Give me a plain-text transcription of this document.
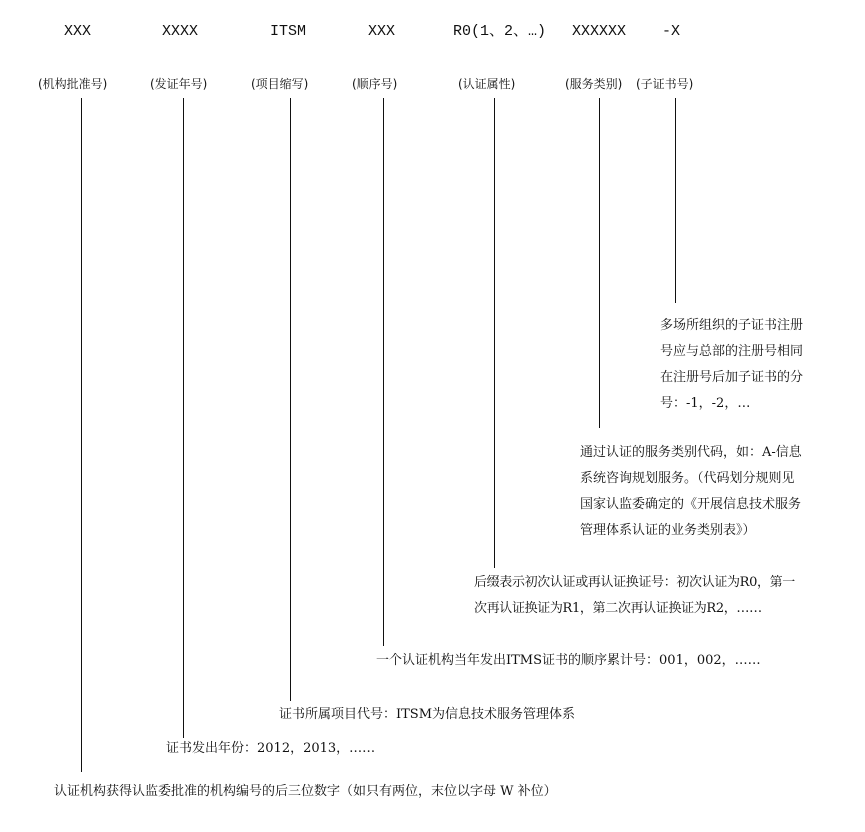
XXX	XXXX	ITSM	XXX	R0(1、2、…) XXXXXX -X
(机构批准号)	(发证年号)	(项目缩写)	(顺序号)	(认证属性)	(服务类别) (子证书号)
多场所组织的子证书注册
号应与总部的注册号相同
在注册号后加子证书的分
号：-1，-2，…
通过认证的服务类别代码，如：A-信息
系统咨询规划服务。（代码划分规则见
国家认监委确定的《开展信息技术服务
管理体系认证的业务类别表》）
后缀表示初次认证或再认证换证号：初次认证为R0，第一
次再认证换证为R1，第二次再认证换证为R2，……
一个认证机构当年发出ITMS证书的顺序累计号：001，002，……
证书所属项目代号：ITSM为信息技术服务管理体系
证书发出年份：2012，2013，……
认证机构获得认监委批准的机构编号的后三位数字（如只有两位，末位以字母 W 补位）
